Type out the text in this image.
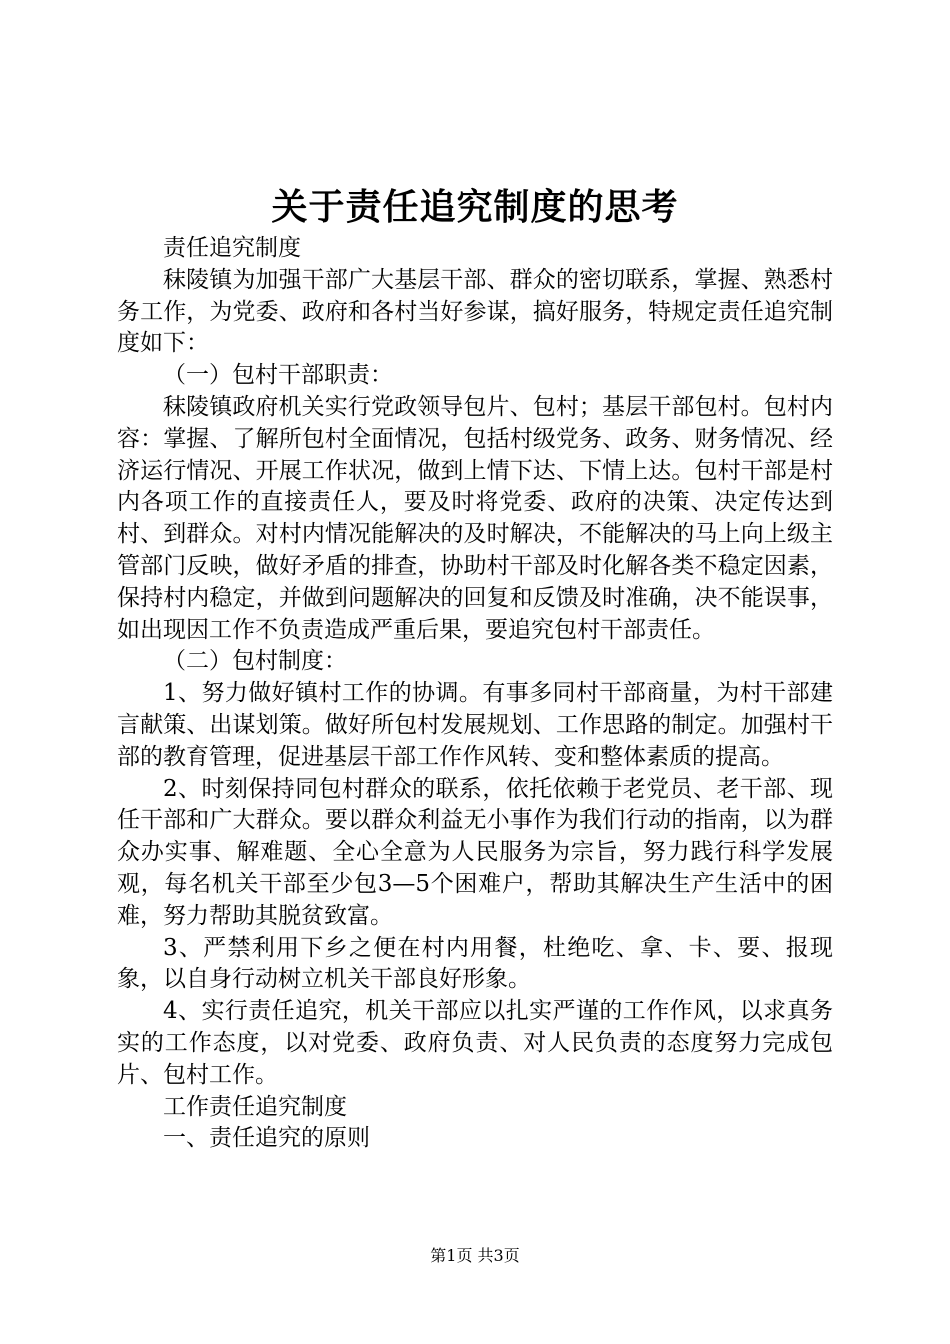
关于责任追究制度的思考

责任追究制度

秣陵镇为加强干部广大基层干部、群众的密切联系，掌握、熟悉村务工作，为党委、政府和各村当好参谋，搞好服务，特规定责任追究制度如下：

（一）包村干部职责：

秣陵镇政府机关实行党政领导包片、包村；基层干部包村。包村内容：掌握、了解所包村全面情况，包括村级党务、政务、财务情况、经济运行情况、开展工作状况，做到上情下达、下情上达。包村干部是村内各项工作的直接责任人，要及时将党委、政府的决策、决定传达到村、到群众。对村内情况能解决的及时解决，不能解决的马上向上级主管部门反映，做好矛盾的排查，协助村干部及时化解各类不稳定因素，保持村内稳定，并做到问题解决的回复和反馈及时准确，决不能误事，如出现因工作不负责造成严重后果，要追究包村干部责任。

（二）包村制度：

1、努力做好镇村工作的协调。有事多同村干部商量，为村干部建言献策、出谋划策。做好所包村发展规划、工作思路的制定。加强村干部的教育管理，促进基层干部工作作风转、变和整体素质的提高。

2、时刻保持同包村群众的联系，依托依赖于老党员、老干部、现任干部和广大群众。要以群众利益无小事作为我们行动的指南，以为群众办实事、解难题、全心全意为人民服务为宗旨，努力践行科学发展观，每名机关干部至少包3—5个困难户，帮助其解决生产生活中的困难，努力帮助其脱贫致富。

3、严禁利用下乡之便在村内用餐，杜绝吃、拿、卡、要、报现象，以自身行动树立机关干部良好形象。

4、实行责任追究，机关干部应以扎实严谨的工作作风，以求真务实的工作态度，以对党委、政府负责、对人民负责的态度努力完成包片、包村工作。

工作责任追究制度

一、责任追究的原则

第1页 共3页
